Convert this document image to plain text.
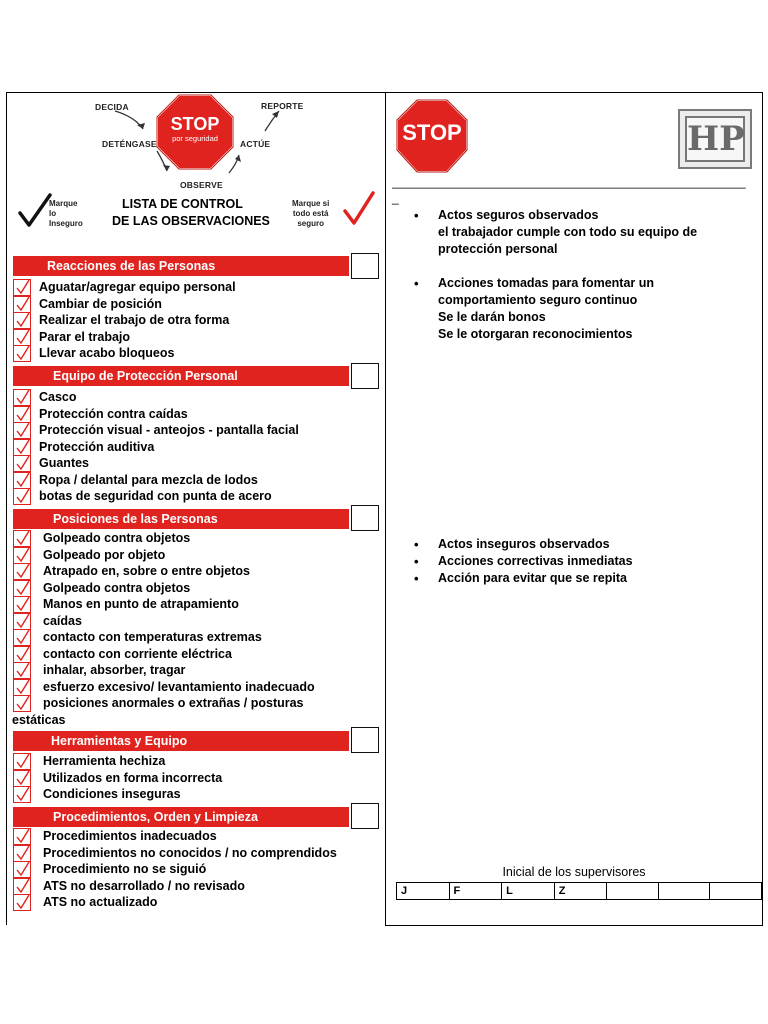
DECIDA
DETÉNGASE
OBSERVE
ACTÚE
REPORTE
STOP
por seguridad
Marque
lo
Inseguro
LISTA DE CONTROL
DE LAS OBSERVACIONES
Marque si
todo está
seguro
Reacciones de las Personas
Aguatar/agregar equipo personal
Cambiar de posición
Realizar el trabajo de otra forma
Parar el trabajo
Llevar acabo bloqueos
Equipo de Protección Personal
Casco
Protección contra caídas
Protección visual - anteojos - pantalla facial
Protección auditiva
Guantes
Ropa / delantal para mezcla de lodos
botas de seguridad con punta de acero
Posiciones de las Personas
Golpeado contra objetos
Golpeado por objeto
Atrapado en, sobre o entre objetos
Golpeado contra objetos
Manos en punto de atrapamiento
caídas
contacto con temperaturas extremas
contacto con corriente eléctrica
inhalar, absorber, tragar
esfuerzo excesivo/ levantamiento inadecuado
posiciones anormales o extrañas / posturas
estáticas
Herramientas y Equipo
Herramienta hechiza
Utilizados en forma incorrecta
Condiciones inseguras
Procedimientos, Orden y Limpieza
Procedimientos inadecuados
Procedimientos no conocidos / no comprendidos
Procedimiento no se siguió
ATS no desarrollado / no revisado
ATS no actualizado
STOP	HP
_____________________________________________________
_
• Actos seguros observados
el trabajador cumple con todo su equipo de
protección personal
• Acciones tomadas para fomentar un
comportamiento seguro continuo
Se le darán bonos
Se le otorgaran reconocimientos
• Actos inseguros observados
• Acciones correctivas inmediatas
• Acción para evitar que se repita
Inicial de los supervisores
J	F	L	Z			
